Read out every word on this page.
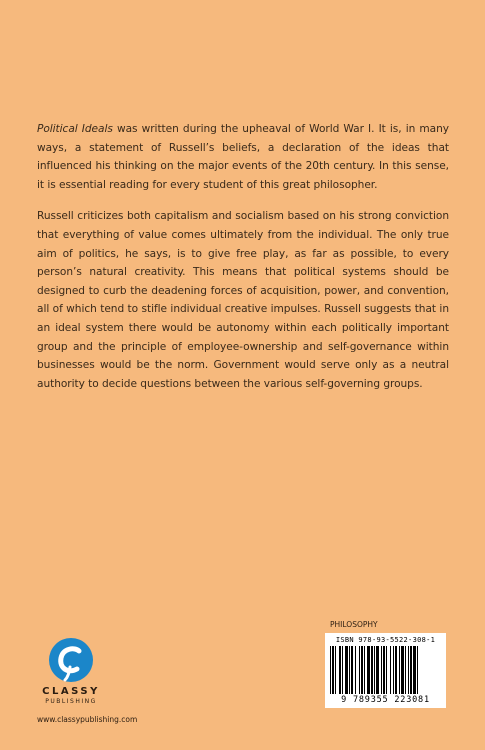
Political Ideals was written during the upheaval of World War I. It is, in many ways, a statement of Russell’s beliefs, a declaration of the ideas that influenced his thinking on the major events of the 20th century. In this sense, it is essential reading for every student of this great philosopher.

Russell criticizes both capitalism and socialism based on his strong conviction that everything of value comes ultimately from the individual. The only true aim of politics, he says, is to give free play, as far as possible, to every person’s natural creativity. This means that political systems should be designed to curb the deadening forces of acquisition, power, and convention, all of which tend to stifle individual creative impulses. Russell suggests that in an ideal system there would be autonomy within each politically important group and the principle of employee-ownership and self-governance within businesses would be the norm. Government would serve only as a neutral authority to decide questions between the various self-governing groups.

CLASSY
PUBLISHING
www.classypublishing.com
PHILOSOPHY
ISBN 978-93-5522-308-1
9 789355 223081
